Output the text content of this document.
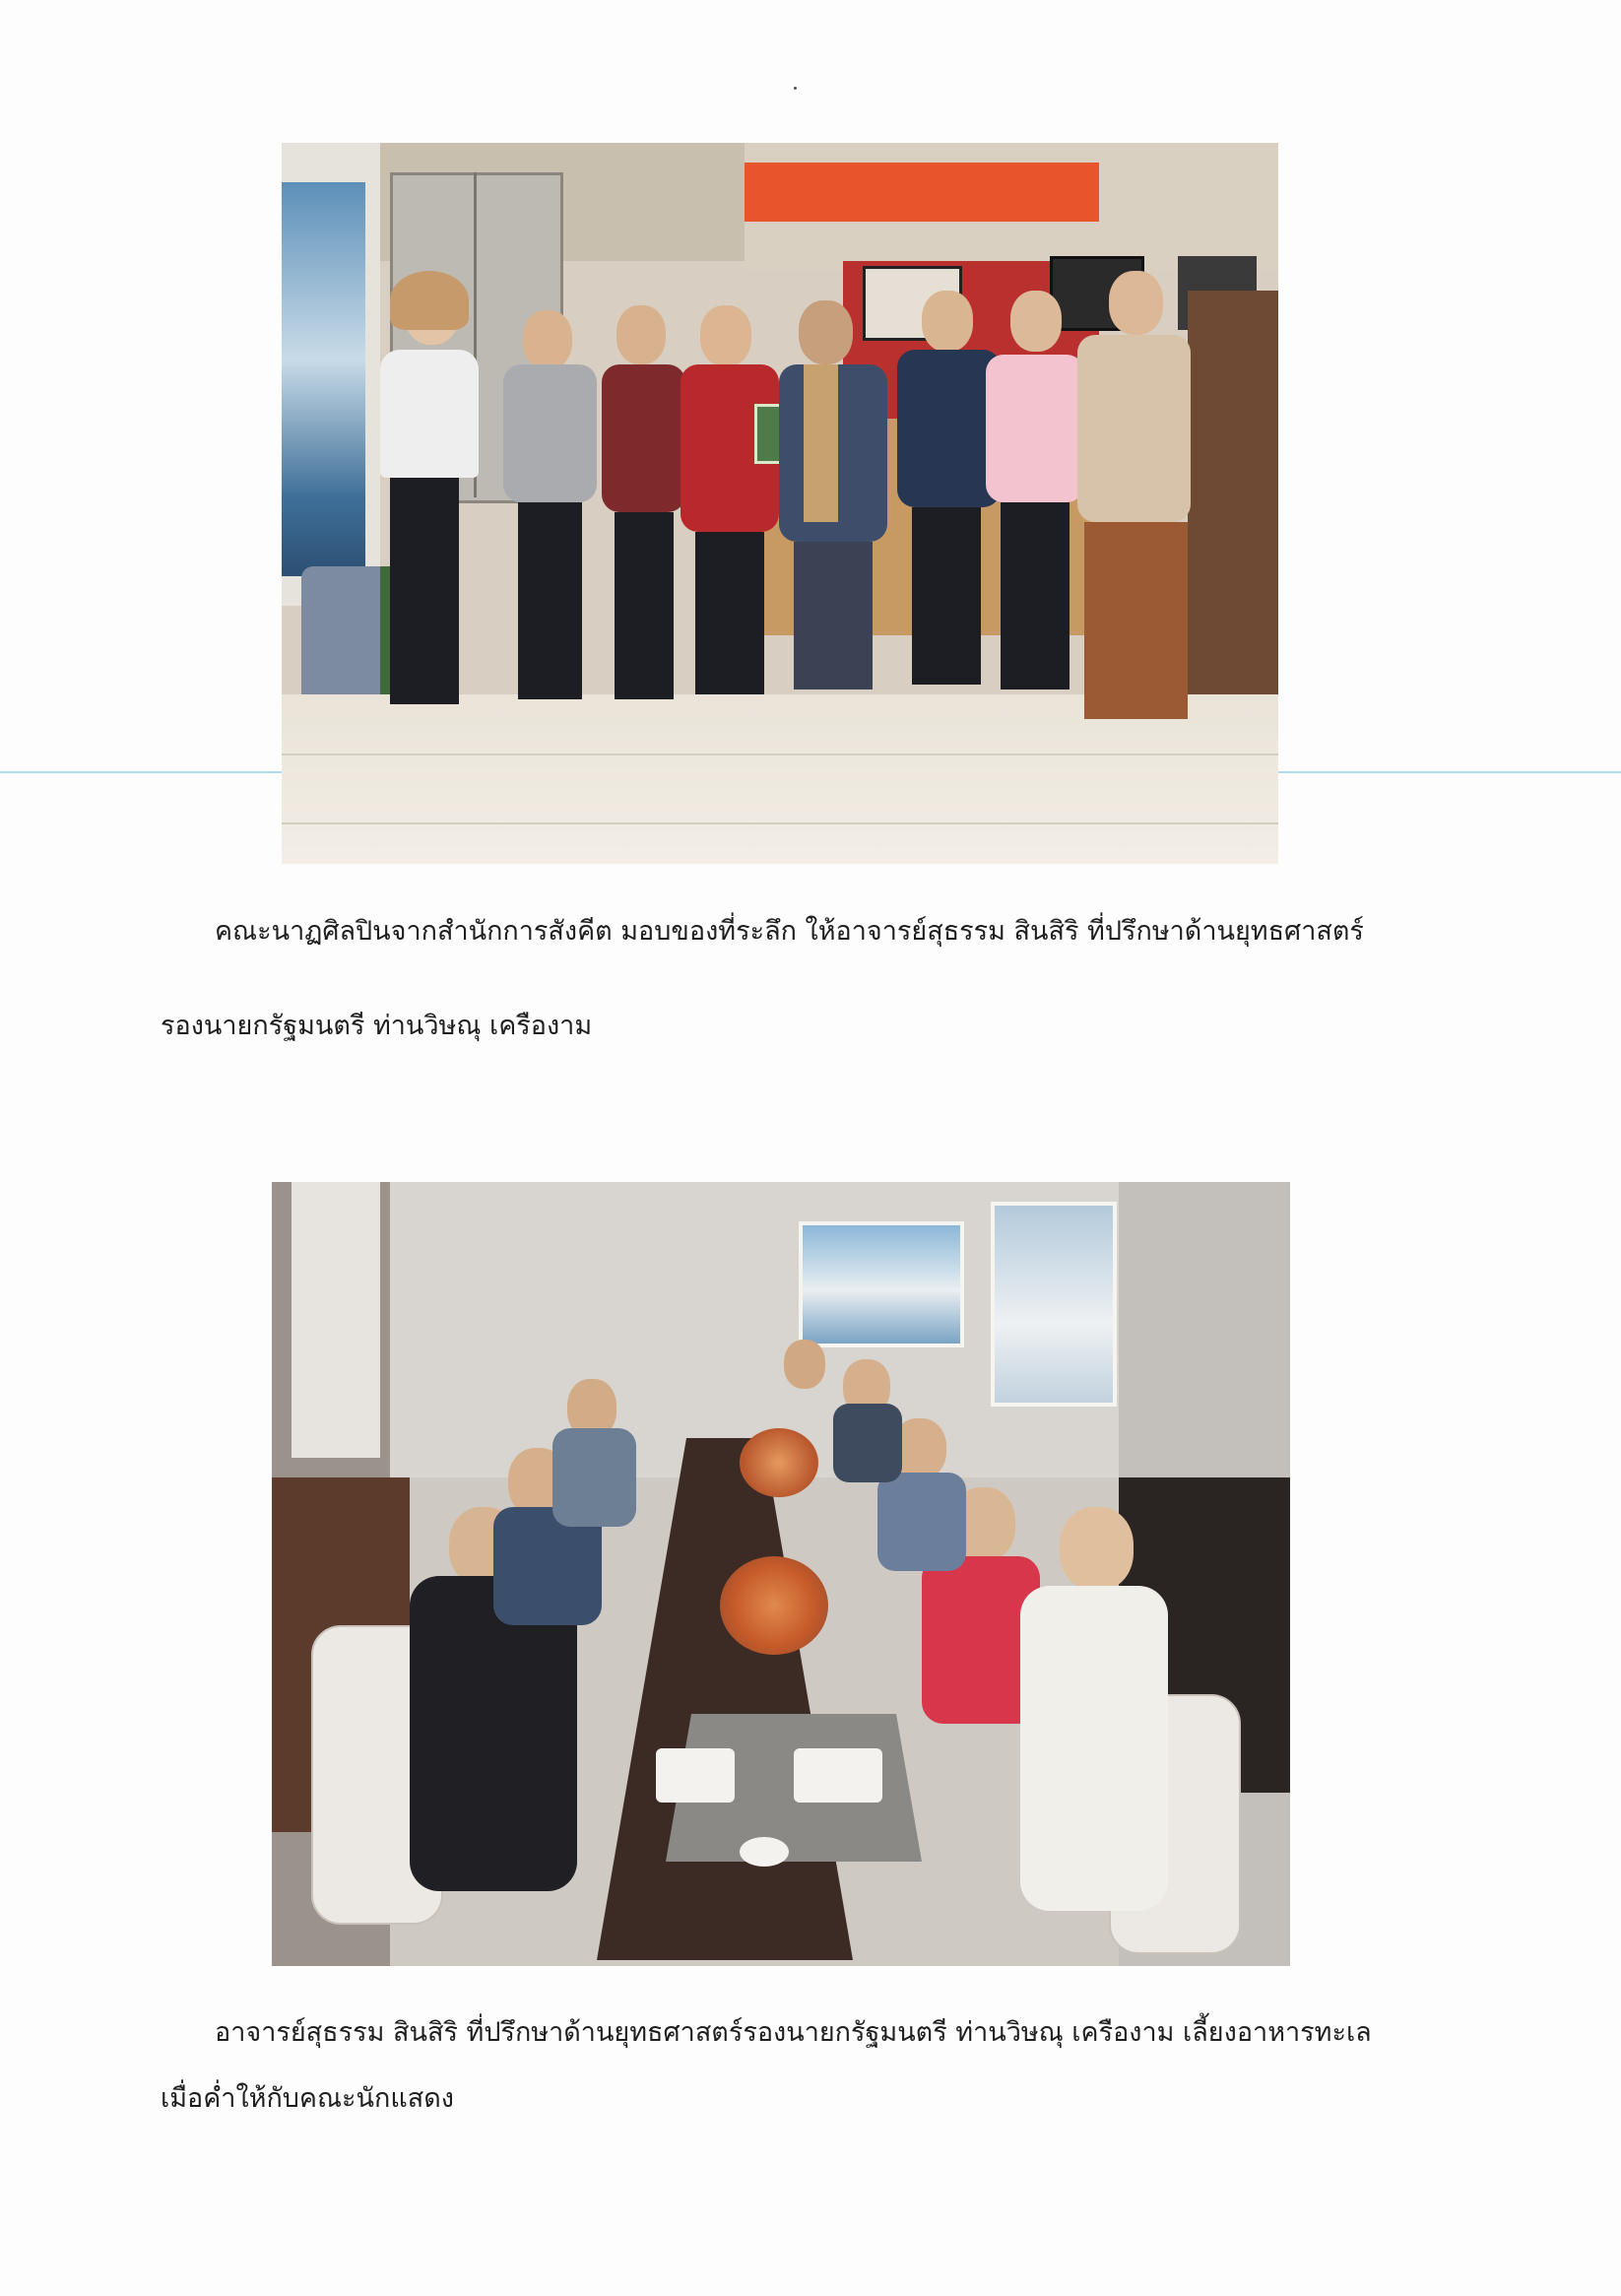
คณะนาฏศิลปินจากสำนักการสังคีต มอบของที่ระลึก ให้อาจารย์สุธรรม สินสิริ ที่ปรึกษาด้านยุทธศาสตร์
รองนายกรัฐมนตรี ท่านวิษณุ เครืองาม
อาจารย์สุธรรม สินสิริ ที่ปรึกษาด้านยุทธศาสตร์รองนายกรัฐมนตรี ท่านวิษณุ เครืองาม เลี้ยงอาหารทะเล
เมื่อค่ำให้กับคณะนักแสดง
